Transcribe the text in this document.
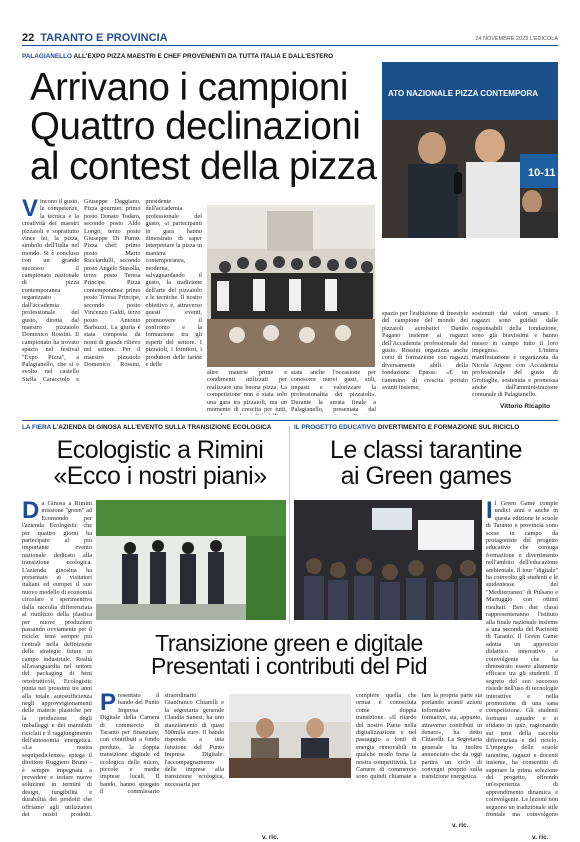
22 TARANTO E PROVINCIA	24 NOVEMBRE 2023 L'EDICOLA
PALAGIANELLO ALL'EXPO PIZZA MAESTRI E CHEF PROVENIENTI DA TUTTA ITALIA E DALL'ESTERO
Arrivano i campioni
Quattro declinazioni
al contest della pizza
ATO NAZIONALE PIZZA CONTEMPORA
10-11
Vincono il gusto, le competenze, la tecnica e la creatività dei maestri pizzaioli e soprattutto vince lei, la pizza, simbolo dell'Italia nel mondo. Si è concluso con un grande successo il campionato nazionale di pizza contemporanea organizzato dall'accademia professionale del gusto, diretta dal maestro pizzaiolo Domenico Rossini. Il campionato ha trovato spazio nel festival "Expo Pizza", a Palagianello, che si è svolto nel castello Stella Caracciolo e
Giuseppe Daggiano. Pizza gourmet: primo posto Donato Todaro, secondo posto Aldo Longo, terzo posto Giuseppe Di Pumo. Pizza chef: primo posto Mario Ricciardulli, secondo posto Angelo Stasolla, terzo posto Teresa Principe. Pizza contemporanea: primo posto Teresa Principe, secondo posto Vincenzo Galdi, terzo posto Antonio Barbuzzi. La giuria è stata composta da nomi di grande rilievo nel settore. Per il maestro pizzaiolo Domenico Rossini, presidente dell'accademia professionale del gusto, «i partecipanti in gara hanno dimostrato di saper interpretare la pizza in maniera contemporanea, moderna, salvaguardando il gusto, la tradizione dell'arte del pizzaiolo e le tecniche. Il nostro obiettivo è, attraverso questi eventi, promuovere il confronto e la formazione tra gli esperti del settore. I pizzaioli, i fornitori, i produttori delle farine e delle
altre materie prime e condimenti utilizzati per realizzare una buona pizza. La competizione non è stata solo una gara tra pizzaioli, ma un momento di crescita per tutti,
stata anche l'occasione per conoscere nuovi gusti, stili, impasti e valorizzare la professionalità dei pizzaioli». Durante la serata finale a Palagianello, presentata dal
spazio per l'esibizione di freestyle del campione del mondo dei pizzaioli acrobatici Danilo Pagano insieme ai ragazzi dell'Accademia professionale del gusto. Rossini organizza anche corsi di formazione con ragazzi diversamente abili della fondazione Epasss. «È un cammino di crescita portato avanti insieme,
sostenuti dai valori umani. I ragazzi sono guidati dalle responsabili della fondazione, sono già bravissimi e hanno messo in campo tutto il loro impegno». L'intera manifestazione è organizzata da Nicola Argese con Accademia professionale del gusto di Grottaglie, sostenuta e promossa anche dall'amministrazione comunale di Palagianello.
Vittorio Ricapito
LA FIERA L'AZIENDA DI GINOSA ALL'EVENTO SULLA TRANSIZIONE ECOLOGICA
Ecologistic a Rimini
«Ecco i nostri piani»
Da Ginosa a Rimini missione "green" ad Ecomondo per l'azienda Ecologistic che per quattro giorni ha partecipato al più importante evento nazionale dedicato alla transizione ecologica. L'azienda ginosina ha presentato ai visitatori italiani ed europei il suo nuovo modello di economia circolare e sperimentiva dalla raccolta differenziata al riutilizzo della plastica per nuove produzioni passando ovviamente per il riciclo: temi sempre più centrali nella definizione delle strategie future in campo industriale. Realtà all'avanguardia nel settore del packaging di beni ortofrutticoli, Ecologistic punta nei prossimi tre anni alla totale autosufficienza negli approvvigionamenti delle materie plastiche per la produzione degli imballaggi e dei manufatti riciclati e il raggiungimento dell'autonomia energetica. «La nostra sequipediclenze» spiega il direttore Ruggiero Bruno - è sempre impegnata a prevedere e testare nuove soluzioni in termini di design, fungibilità e durabilità dei prodotti che offriamo agli utilizzatori dei nostri prodotti.
v. ric.
IL PROGETTO EDUCATIVO DIVERTIMENTO E FORMAZIONE SUL RICICLO
Le classi tarantine
ai Green games
Il Green Game compie undici anni e anche in questa edizione le scuole di Taranto e provincia sono scese in campo da protagoniste del progetto educativo che coniuga formazione e divertimento nell'ambito dell'educazione ambientale. Il tour "digitale" ha coinvolto gli studenti e le studentesse del "Mediterraneo" di Pulsano e Martuggio con ottimi risultati. Ben due classi rappresenteranno l'istituto alla finale nazionale insieme a una seconda del Pacinotti di Taranto. Il Green Game adotta un approccio didattico innovativo e coinvolgente che ha dimostrato essere altamente efficace tra gli studenti. Il segreto del suo successo risiede nell'uso di tecnologie interattive e nella promozione di una sana competizione. Gli studenti formano squadre e si sfidano in quiz, ragionando sui temi della raccolta differenziata e del riciclo. L'impegno delle scuole tarantine, ragazzi e docenti insieme, ha consentito di superare la prima selezione del progetto, offrendo un'esperienza di apprendimento dinamica e coinvolgente. Le lezioni non seguono un tradizionale stile frontale ma coinvolgono
v. ric.
Transizione green e digitale
Presentati i contributi del Pid
Presentato il bando del Punto Impresa Digitale della Camera di commercio di Taranto per finanziare, con contributi a fondo perduto, la doppia transizione digitale ed ecologica delle micro, piccole e medie imprese locali. Il bando, hanno spiegato il commissario straordinario Gianfranco Chiarelli e la segretaria generale Claudia Sanesi, ha uno stanziamento di quasi 500mila euro. Il bando risponde a una funzione del Punto Impresa Digitale: l'accompagnamento delle imprese alla transizione ecologica, necessaria per
compiere quella che ormai è conosciuta come doppia transizione. «Il ritardo del nostro Paese nella digitalizzazione e nel passaggio a fonti di energia rinnovabili in qualche modo frena la nostra competitività. Le Camere di commercio sono quindi chiamate a fare la propria parte sia portando avanti azioni informative e formative, sia, appunto, attraverso contributi in denaro», ha detto Chiarelli. La Segretaria generale ha inoltre annunciato che da oggi partirà un ciclo di convegni proprio sulla transizione energetica.
v. ric.
